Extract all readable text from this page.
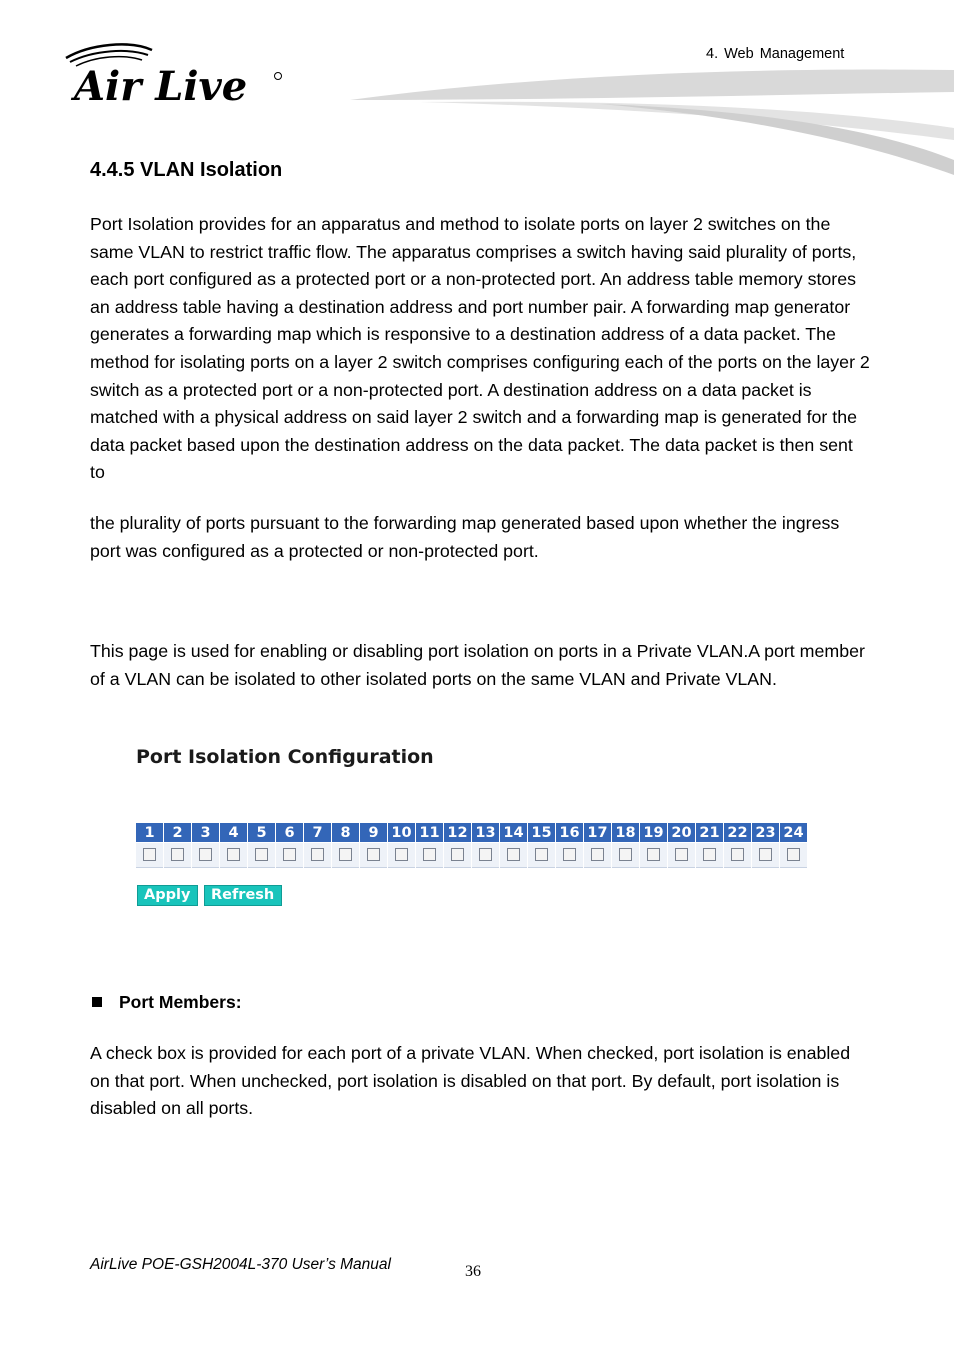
Air Live
4. Web Management
4.4.5 VLAN Isolation
Port Isolation provides for an apparatus and method to isolate ports on layer 2 switches on the same VLAN to restrict traffic flow. The apparatus comprises a switch having said plurality of ports, each port configured as a protected port or a non-protected port. An address table memory stores an address table having a destination address and port number pair. A forwarding map generator generates a forwarding map which is responsive to a destination address of a data packet. The method for isolating ports on a layer 2 switch comprises configuring each of the ports on the layer 2 switch as a protected port or a non-protected port. A destination address on a data packet is matched with a physical address on said layer 2 switch and a forwarding map is generated for the data packet based upon the destination address on the data packet. The data packet is then sent to
the plurality of ports pursuant to the forwarding map generated based upon whether the ingress port was configured as a protected or non-protected port.
This page is used for enabling or disabling port isolation on ports in a Private VLAN.A port member of a VLAN can be isolated to other isolated ports on the same VLAN and Private VLAN.
Port Isolation Configuration
1	2	3	4	5	6	7	8	9	10	11	12	13	14	15	16	17	18	19	20	21	22	23	24

Apply	Refresh
Port Members:
A check box is provided for each port of a private VLAN. When checked, port isolation is enabled on that port. When unchecked, port isolation is disabled on that port. By default, port isolation is disabled on all ports.
AirLive POE-GSH2004L-370 User’s Manual	36
